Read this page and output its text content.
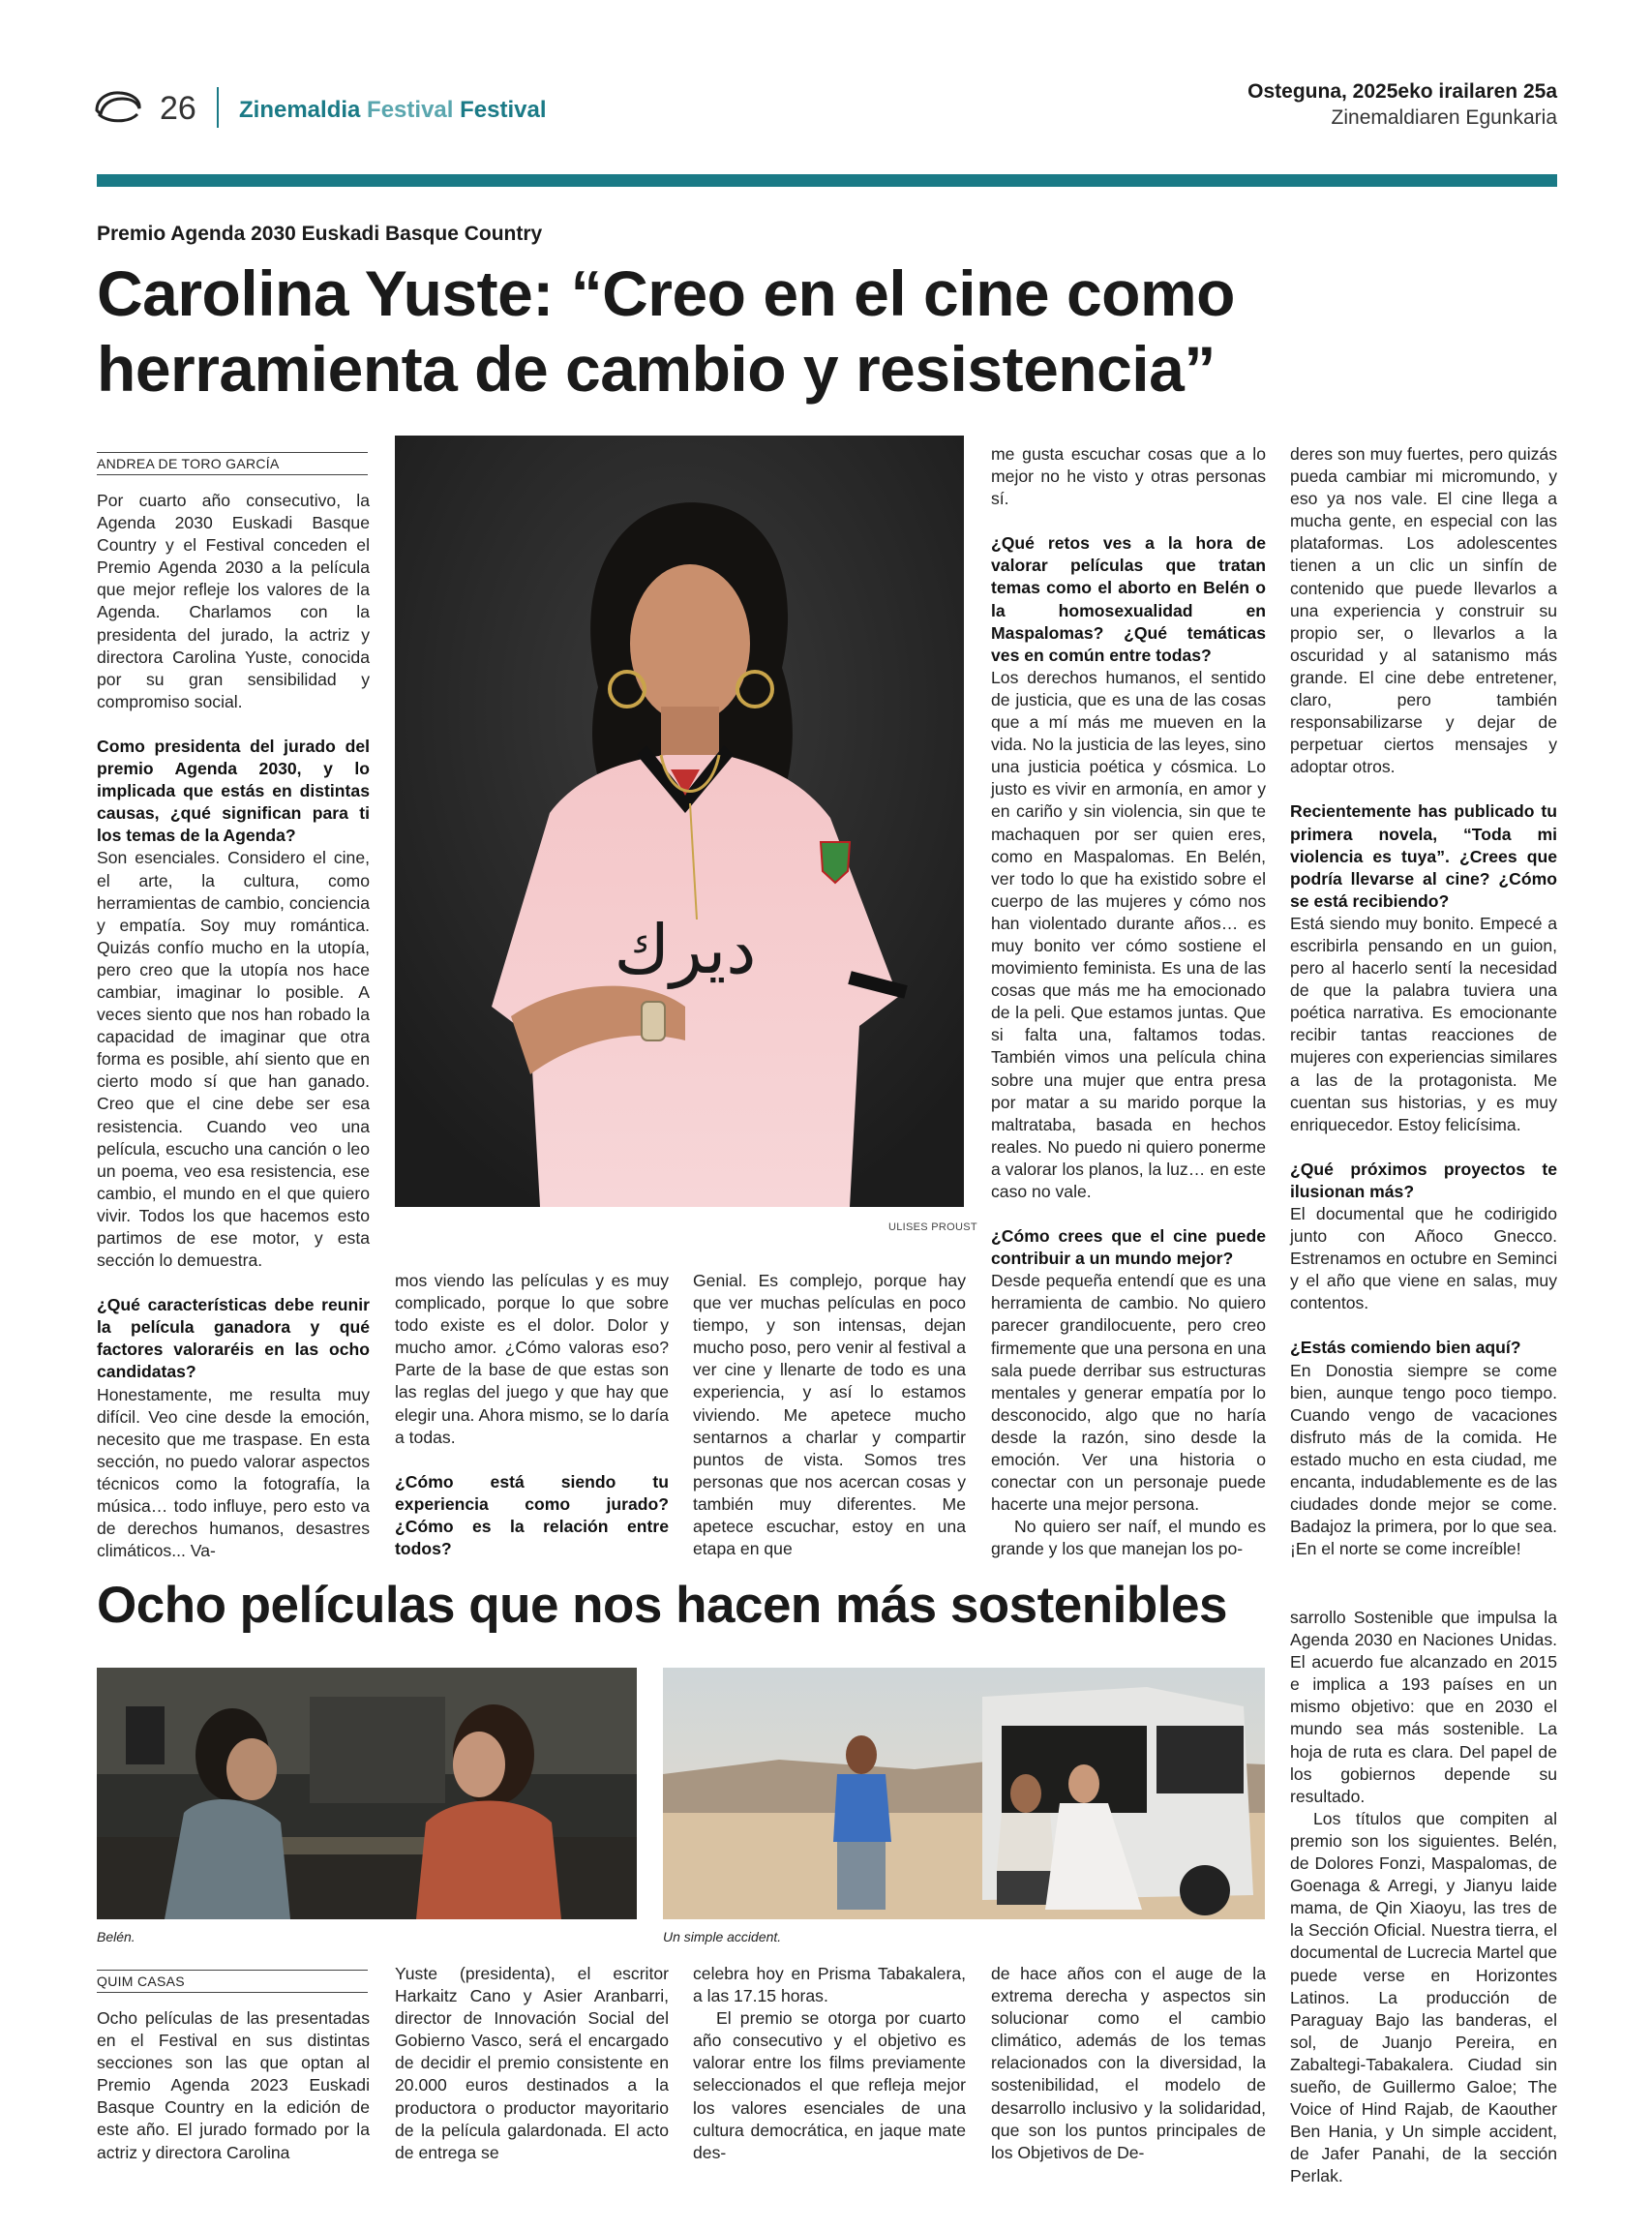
26 Zinemaldia Festival Festival
Osteguna, 2025eko irailaren 25a
Zinemaldiaren Egunkaria
Premio Agenda 2030 Euskadi Basque Country
Carolina Yuste: “Creo en el cine como
herramienta de cambio y resistencia”
ANDREA DE TORO GARCÍA

Por cuarto año consecutivo, la Agenda 2030 Euskadi Basque Country y el Festival conceden el Premio Agenda 2030 a la película que mejor refleje los valores de la Agenda. Charlamos con la presidenta del jurado, la actriz y directora Carolina Yuste, conocida por su gran sensibilidad y compromiso social.

Como presidenta del jurado del premio Agenda 2030, y lo implicada que estás en distintas causas, ¿qué significan para ti los temas de la Agenda?

Son esenciales. Considero el cine, el arte, la cultura, como herramientas de cambio, conciencia y empatía. Soy muy romántica. Quizás confío mucho en la utopía, pero creo que la utopía nos hace cambiar, imaginar lo posible. A veces siento que nos han robado la capacidad de imaginar que otra forma es posible, ahí siento que en cierto modo sí que han ganado. Creo que el cine debe ser esa resistencia. Cuando veo una película, escucho una canción o leo un poema, veo esa resistencia, ese cambio, el mundo en el que quiero vivir. Todos los que hacemos esto partimos de ese motor, y esta sección lo demuestra.

¿Qué características debe reunir la película ganadora y qué factores valoraréis en las ocho candidatas?

Honestamente, me resulta muy difícil. Veo cine desde la emoción, necesito que me traspase. En esta sección, no puedo valorar aspectos técnicos como la fotografía, la música… todo influye, pero esto va de derechos humanos, desastres climáticos... Va-

ديرك
ULISES PROUST

mos viendo las películas y es muy complicado, porque lo que sobre todo existe es el dolor. Dolor y mucho amor. ¿Cómo valoras eso? Parte de la base de que estas son las reglas del juego y que hay que elegir una. Ahora mismo, se lo daría a todas.

¿Cómo está siendo tu experiencia como jurado? ¿Cómo es la relación entre todos?

Genial. Es complejo, porque hay que ver muchas películas en poco tiempo, y son intensas, dejan mucho poso, pero venir al festival a ver cine y llenarte de todo es una experiencia, y así lo estamos viviendo. Me apetece mucho sentarnos a charlar y compartir puntos de vista. Somos tres personas que nos acercan cosas y también muy diferentes. Me apetece escuchar, estoy en una etapa en que

me gusta escuchar cosas que a lo mejor no he visto y otras personas sí.

¿Qué retos ves a la hora de valorar películas que tratan temas como el aborto en Belén o la homosexualidad en Maspalomas? ¿Qué temáticas ves en común entre todas?

Los derechos humanos, el sentido de justicia, que es una de las cosas que a mí más me mueven en la vida. No la justicia de las leyes, sino una justicia poética y cósmica. Lo justo es vivir en armonía, en amor y en cariño y sin violencia, sin que te machaquen por ser quien eres, como en Maspalomas. En Belén, ver todo lo que ha existido sobre el cuerpo de las mujeres y cómo nos han violentado durante años… es muy bonito ver cómo sostiene el movimiento feminista. Es una de las cosas que más me ha emocionado de la peli. Que estamos juntas. Que si falta una, faltamos todas. También vimos una película china sobre una mujer que entra presa por matar a su marido porque la maltrataba, basada en hechos reales. No puedo ni quiero ponerme a valorar los planos, la luz… en este caso no vale.

¿Cómo crees que el cine puede contribuir a un mundo mejor?

Desde pequeña entendí que es una herramienta de cambio. No quiero parecer grandilocuente, pero creo firmemente que una persona en una sala puede derribar sus estructuras mentales y generar empatía por lo desconocido, algo que no haría desde la razón, sino desde la emoción. Ver una historia o conectar con un personaje puede hacerte una mejor persona.

No quiero ser naíf, el mundo es grande y los que manejan los po-

deres son muy fuertes, pero quizás pueda cambiar mi micromundo, y eso ya nos vale. El cine llega a mucha gente, en especial con las plataformas. Los adolescentes tienen a un clic un sinfín de contenido que puede llevarlos a una experiencia y construir su propio ser, o llevarlos a la oscuridad y al satanismo más grande. El cine debe entretener, claro, pero también responsabilizarse y dejar de perpetuar ciertos mensajes y adoptar otros.

Recientemente has publicado tu primera novela, “Toda mi violencia es tuya”. ¿Crees que podría llevarse al cine? ¿Cómo se está recibiendo?

Está siendo muy bonito. Empecé a escribirla pensando en un guion, pero al hacerlo sentí la necesidad de que la palabra tuviera una poética narrativa. Es emocionante recibir tantas reacciones de mujeres con experiencias similares a las de la protagonista. Me cuentan sus historias, y es muy enriquecedor. Estoy felicísima.

¿Qué próximos proyectos te ilusionan más?

El documental que he codirigido junto con Añoco Gnecco. Estrenamos en octubre en Seminci y el año que viene en salas, muy contentos.

¿Estás comiendo bien aquí?

En Donostia siempre se come bien, aunque tengo poco tiempo. Cuando vengo de vacaciones disfruto más de la comida. He estado mucho en esta ciudad, me encanta, indudablemente es de las ciudades donde mejor se come. Badajoz la primera, por lo que sea. ¡En el norte se come increíble!

Ocho películas que nos hacen más sostenibles
Belén.	Un simple accident.
QUIM CASAS

Ocho películas de las presentadas en el Festival en sus distintas secciones son las que optan al Premio Agenda 2023 Euskadi Basque Country en la edición de este año. El jurado formado por la actriz y directora Carolina

Yuste (presidenta), el escritor Harkaitz Cano y Asier Aranbarri, director de Innovación Social del Gobierno Vasco, será el encargado de decidir el premio consistente en 20.000 euros destinados a la productora o productor mayoritario de la película galardonada. El acto de entrega se

celebra hoy en Prisma Tabakalera, a las 17.15 horas.

El premio se otorga por cuarto año consecutivo y el objetivo es valorar entre los films previamente seleccionados el que refleja mejor los valores esenciales de una cultura democrática, en jaque mate des-

de hace años con el auge de la extrema derecha y aspectos sin solucionar como el cambio climático, además de los temas relacionados con la diversidad, la sostenibilidad, el modelo de desarrollo inclusivo y la solidaridad, que son los puntos principales de los Objetivos de De-

sarrollo Sostenible que impulsa la Agenda 2030 en Naciones Unidas. El acuerdo fue alcanzado en 2015 e implica a 193 países en un mismo objetivo: que en 2030 el mundo sea más sostenible. La hoja de ruta es clara. Del papel de los gobiernos depende su resultado.

Los títulos que compiten al premio son los siguientes. Belén, de Dolores Fonzi, Maspalomas, de Goenaga & Arregi, y Jianyu laide mama, de Qin Xiaoyu, las tres de la Sección Oficial. Nuestra tierra, el documental de Lucrecia Martel que puede verse en Horizontes Latinos. La producción de Paraguay Bajo las banderas, el sol, de Juanjo Pereira, en Zabaltegi-Tabakalera. Ciudad sin sueño, de Guillermo Galoe; The Voice of Hind Rajab, de Kaouther Ben Hania, y Un simple accident, de Jafer Panahi, de la sección Perlak.
